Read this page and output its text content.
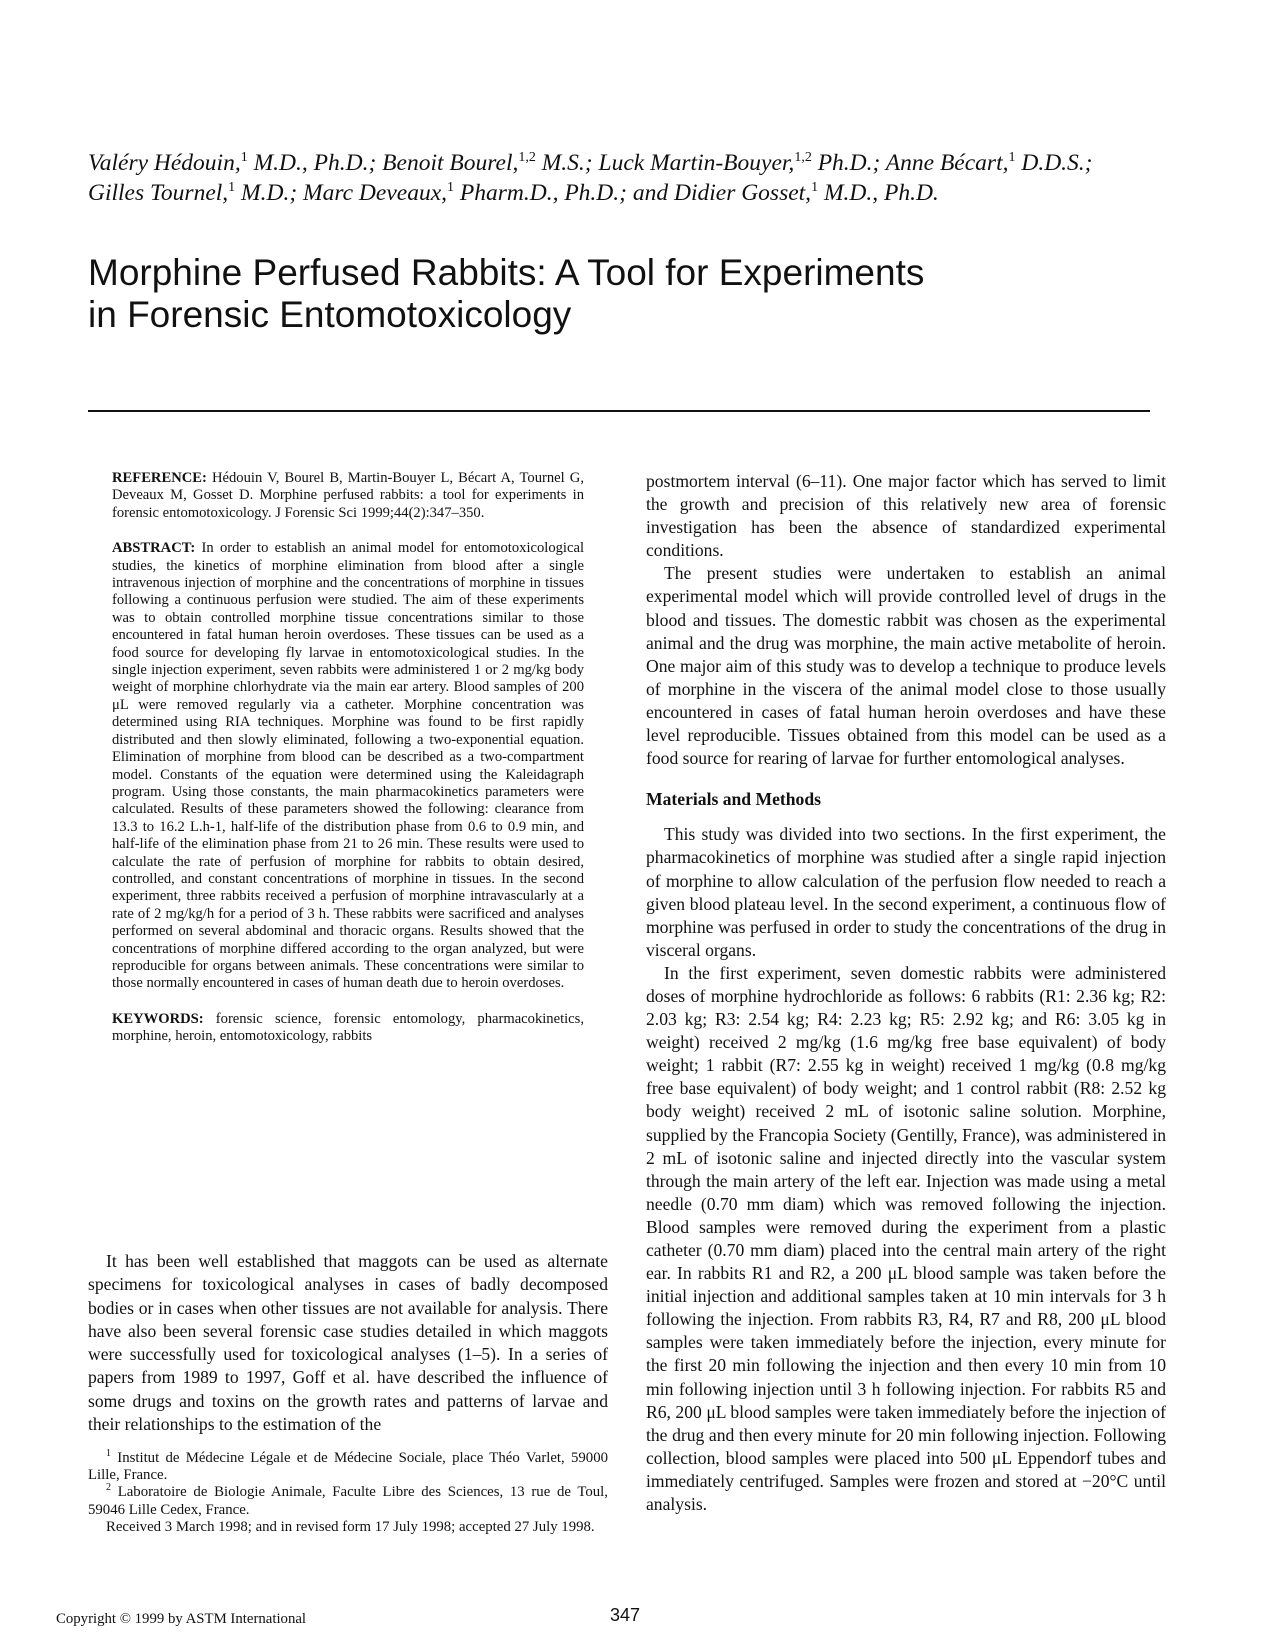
Valéry Hédouin,$^1$ M.D., Ph.D.; Benoit Bourel,$^{1,2}$ M.S.; Luck Martin-Bouyer,$^{1,2}$ Ph.D.; Anne Bécart,$^1$ D.D.S.; Gilles Tournel,$^1$ M.D.; Marc Deveaux,$^1$ Pharm.D., Ph.D.; and Didier Gosset,$^1$ M.D., Ph.D.
Morphine Perfused Rabbits: A Tool for Experiments
in Forensic Entomotoxicology

REFERENCE: Hédouin V, Bourel B, Martin-Bouyer L, Bécart A, Tournel G, Deveaux M, Gosset D. Morphine perfused rabbits: a tool for experiments in forensic entomotoxicology. J Forensic Sci 1999;44(2):347–350.

ABSTRACT: In order to establish an animal model for entomotoxicological studies, the kinetics of morphine elimination from blood after a single intravenous injection of morphine and the concentrations of morphine in tissues following a continuous perfusion were studied. The aim of these experiments was to obtain controlled morphine tissue concentrations similar to those encountered in fatal human heroin overdoses. These tissues can be used as a food source for developing fly larvae in entomotoxicological studies. In the single injection experiment, seven rabbits were administered 1 or 2 mg/kg body weight of morphine chlorhydrate via the main ear artery. Blood samples of 200 μL were removed regularly via a catheter. Morphine concentration was determined using RIA techniques. Morphine was found to be first rapidly distributed and then slowly eliminated, following a two-exponential equation. Elimination of morphine from blood can be described as a two-compartment model. Constants of the equation were determined using the Kaleidagraph program. Using those constants, the main pharmacokinetics parameters were calculated. Results of these parameters showed the following: clearance from 13.3 to 16.2 L.h-1, half-life of the distribution phase from 0.6 to 0.9 min, and half-life of the elimination phase from 21 to 26 min. These results were used to calculate the rate of perfusion of morphine for rabbits to obtain desired, controlled, and constant concentrations of morphine in tissues. In the second experiment, three rabbits received a perfusion of morphine intravascularly at a rate of 2 mg/kg/h for a period of 3 h. These rabbits were sacrificed and analyses performed on several abdominal and thoracic organs. Results showed that the concentrations of morphine differed according to the organ analyzed, but were reproducible for organs between animals. These concentrations were similar to those normally encountered in cases of human death due to heroin overdoses.

KEYWORDS: forensic science, forensic entomology, pharmacokinetics, morphine, heroin, entomotoxicology, rabbits

It has been well established that maggots can be used as alternate specimens for toxicological analyses in cases of badly decomposed bodies or in cases when other tissues are not available for analysis. There have also been several forensic case studies detailed in which maggots were successfully used for toxicological analyses (1–5). In a series of papers from 1989 to 1997, Goff et al. have described the influence of some drugs and toxins on the growth rates and patterns of larvae and their relationships to the estimation of the

$^1$ Institut de Médecine Légale et de Médecine Sociale, place Théo Varlet, 59000 Lille, France.

$^2$ Laboratoire de Biologie Animale, Faculte Libre des Sciences, 13 rue de Toul, 59046 Lille Cedex, France.

Received 3 March 1998; and in revised form 17 July 1998; accepted 27 July 1998.

postmortem interval (6–11). One major factor which has served to limit the growth and precision of this relatively new area of forensic investigation has been the absence of standardized experimental conditions.

The present studies were undertaken to establish an animal experimental model which will provide controlled level of drugs in the blood and tissues. The domestic rabbit was chosen as the experimental animal and the drug was morphine, the main active metabolite of heroin. One major aim of this study was to develop a technique to produce levels of morphine in the viscera of the animal model close to those usually encountered in cases of fatal human heroin overdoses and have these level reproducible. Tissues obtained from this model can be used as a food source for rearing of larvae for further entomological analyses.

Materials and Methods

This study was divided into two sections. In the first experiment, the pharmacokinetics of morphine was studied after a single rapid injection of morphine to allow calculation of the perfusion flow needed to reach a given blood plateau level. In the second experiment, a continuous flow of morphine was perfused in order to study the concentrations of the drug in visceral organs.

In the first experiment, seven domestic rabbits were administered doses of morphine hydrochloride as follows: 6 rabbits (R1: 2.36 kg; R2: 2.03 kg; R3: 2.54 kg; R4: 2.23 kg; R5: 2.92 kg; and R6: 3.05 kg in weight) received 2 mg/kg (1.6 mg/kg free base equivalent) of body weight; 1 rabbit (R7: 2.55 kg in weight) received 1 mg/kg (0.8 mg/kg free base equivalent) of body weight; and 1 control rabbit (R8: 2.52 kg body weight) received 2 mL of isotonic saline solution. Morphine, supplied by the Francopia Society (Gentilly, France), was administered in 2 mL of isotonic saline and injected directly into the vascular system through the main artery of the left ear. Injection was made using a metal needle (0.70 mm diam) which was removed following the injection. Blood samples were removed during the experiment from a plastic catheter (0.70 mm diam) placed into the central main artery of the right ear. In rabbits R1 and R2, a 200 μL blood sample was taken before the initial injection and additional samples taken at 10 min intervals for 3 h following the injection. From rabbits R3, R4, R7 and R8, 200 μL blood samples were taken immediately before the injection, every minute for the first 20 min following the injection and then every 10 min from 10 min following injection until 3 h following injection. For rabbits R5 and R6, 200 μL blood samples were taken immediately before the injection of the drug and then every minute for 20 min following injection. Following collection, blood samples were placed into 500 μL Eppendorf tubes and immediately centrifuged. Samples were frozen and stored at −20°C until analysis.

Copyright © 1999 by ASTM International	347
